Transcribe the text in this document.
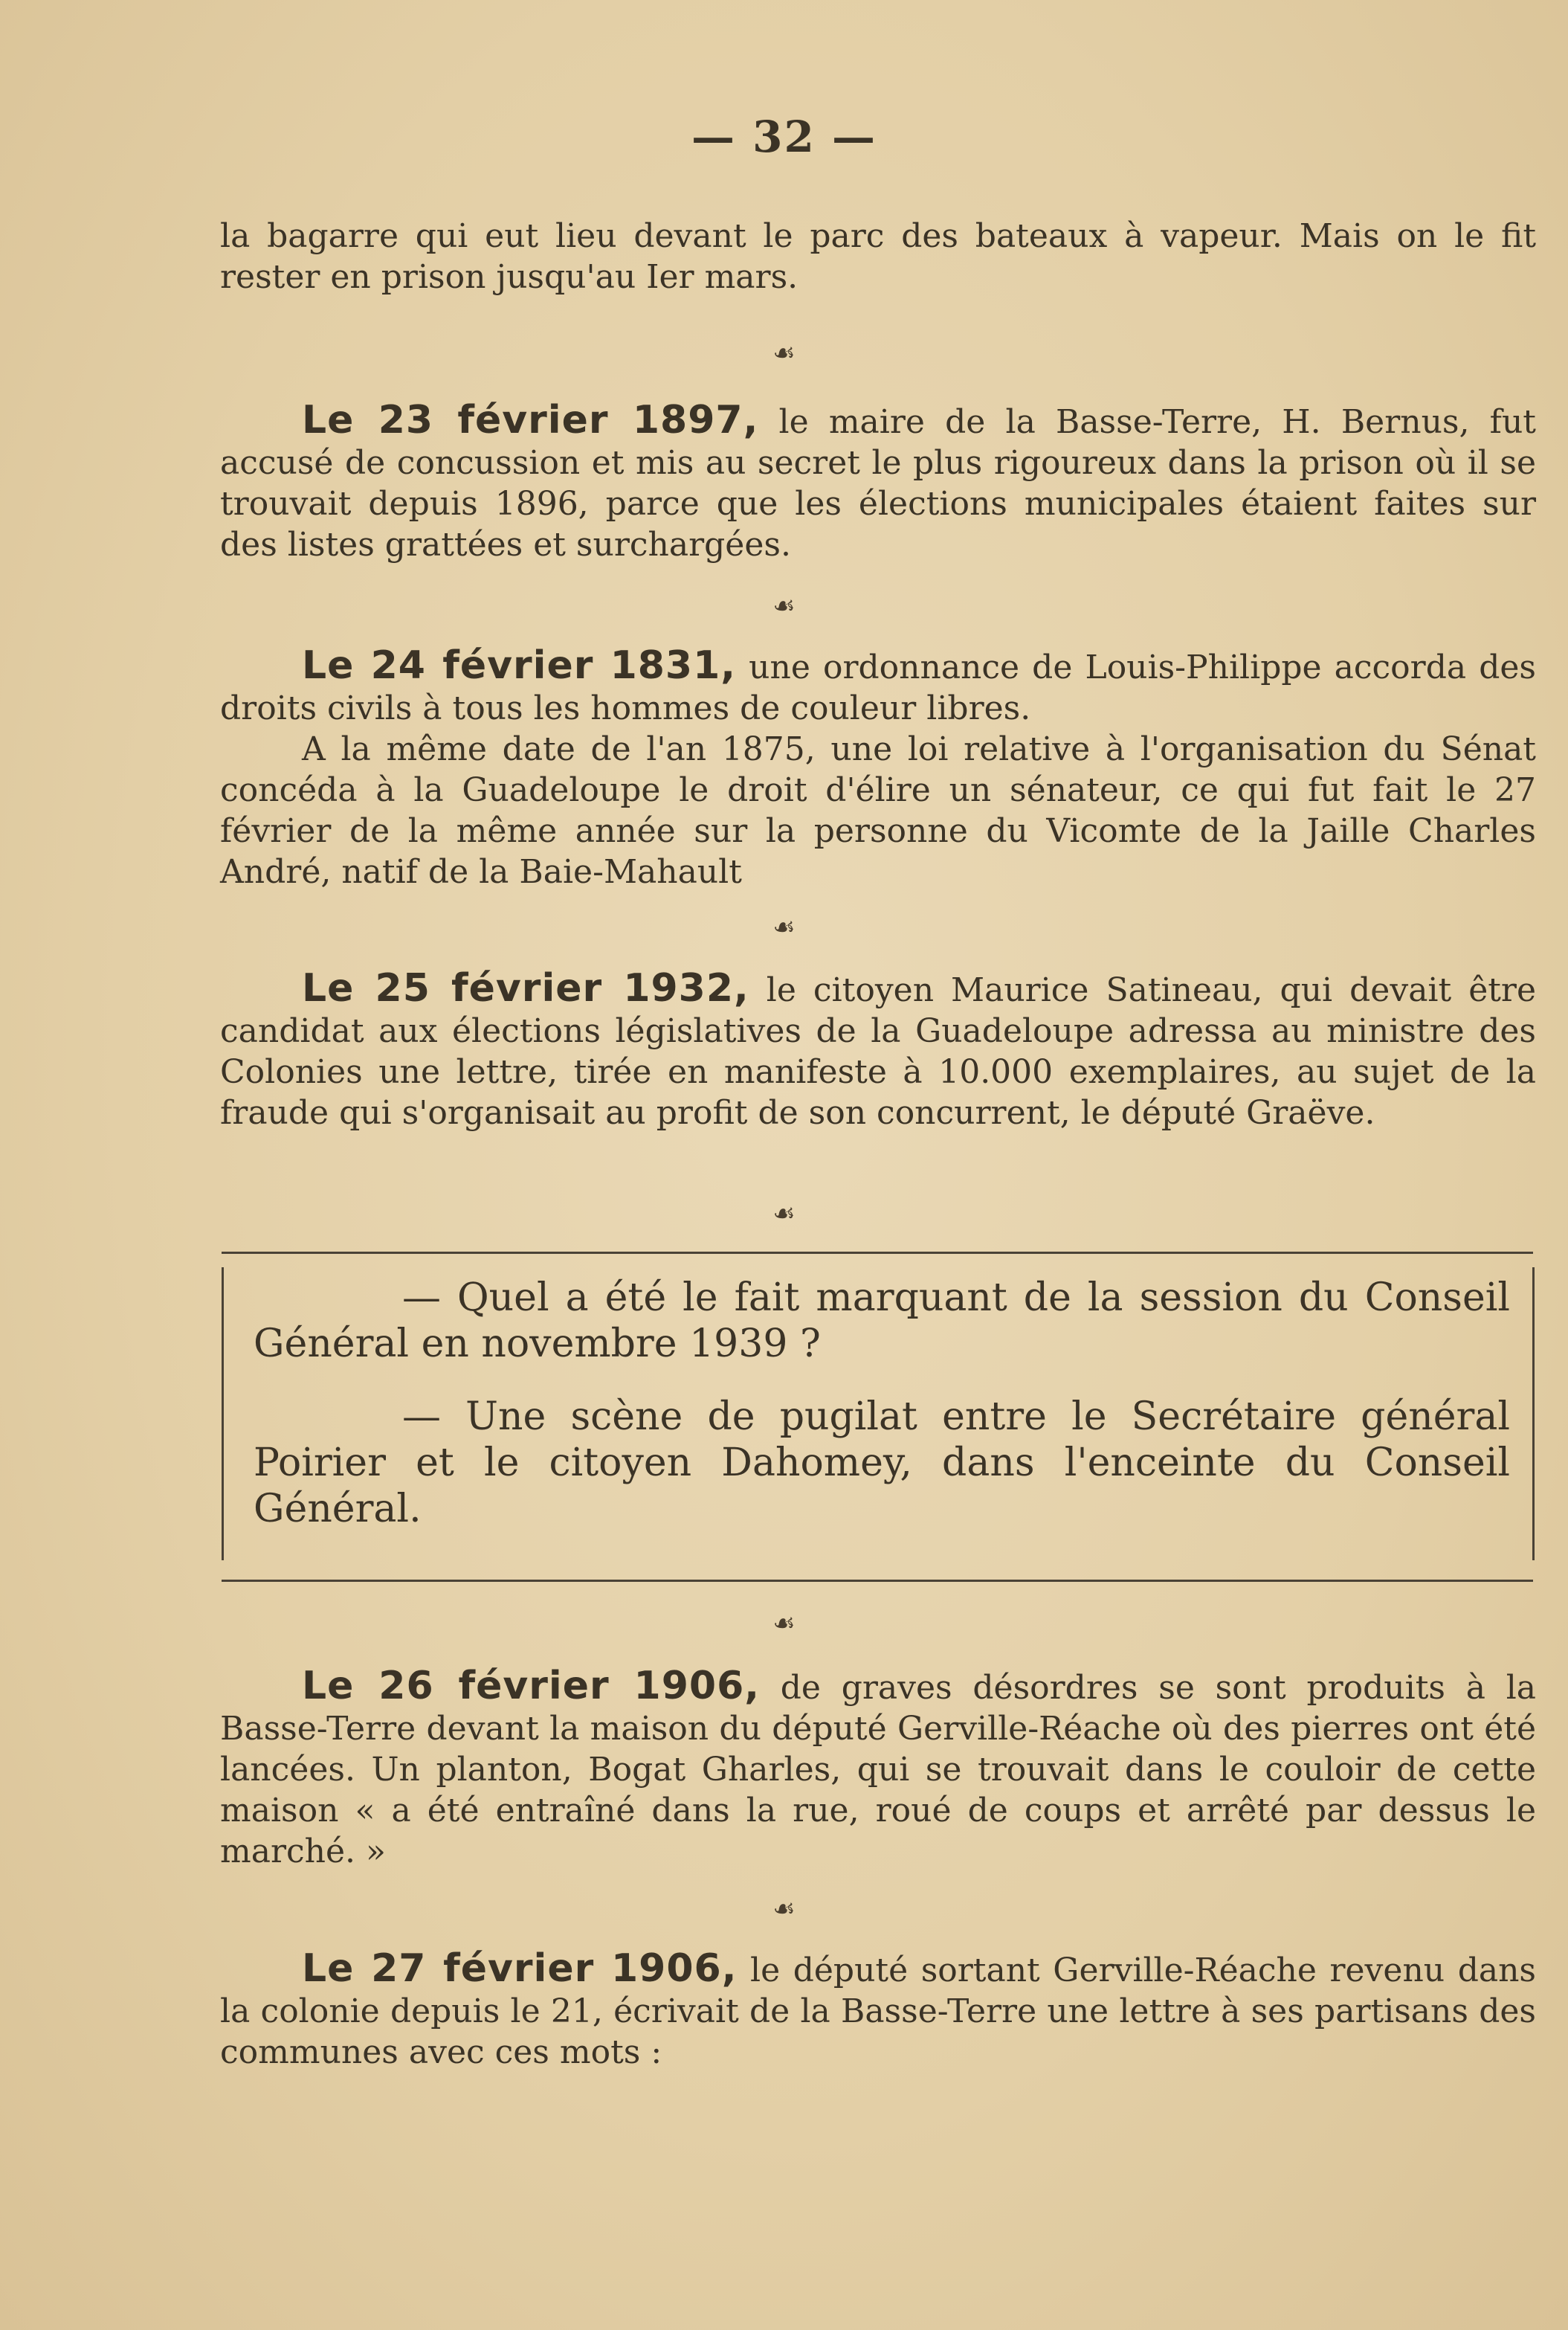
— 32 —

la bagarre qui eut lieu devant le parc des bateaux à vapeur. Mais on le fit rester en prison jusqu'au Ier mars.

☙

Le 23 février 1897, le maire de la Basse-Terre, H. Bernus, fut accusé de concussion et mis au secret le plus rigoureux dans la prison où il se trouvait depuis 1896, parce que les élections municipales étaient faites sur des listes grattées et surchargées.

☙

Le 24 février 1831, une ordonnance de Louis-Philippe accorda des droits civils à tous les hommes de couleur libres.

A la même date de l'an 1875, une loi relative à l'organisation du Sénat concéda à la Guadeloupe le droit d'élire un sénateur, ce qui fut fait le 27 février de la même année sur la personne du Vicomte de la Jaille Charles André, natif de la Baie-Mahault

☙

Le 25 février 1932, le citoyen Maurice Satineau, qui devait être candidat aux élections législatives de la Guadeloupe adressa au ministre des Colonies une lettre, tirée en manifeste à 10.000 exemplaires, au sujet de la fraude qui s'organisait au profit de son concurrent, le député Graëve.

☙

— Quel a été le fait marquant de la session du Conseil Général en novembre 1939 ?

— Une scène de pugilat entre le Secrétaire général Poirier et le citoyen Dahomey, dans l'enceinte du Conseil Général.

☙

Le 26 février 1906, de graves désordres se sont produits à la Basse-Terre devant la maison du député Gerville-Réache où des pierres ont été lancées. Un planton, Bogat Gharles, qui se trouvait dans le couloir de cette maison « a été entraîné dans la rue, roué de coups et arrêté par dessus le marché. »

☙

Le 27 février 1906, le député sortant Gerville-Réache revenu dans la colonie depuis le 21, écrivait de la Basse-Terre une lettre à ses partisans des communes avec ces mots :
